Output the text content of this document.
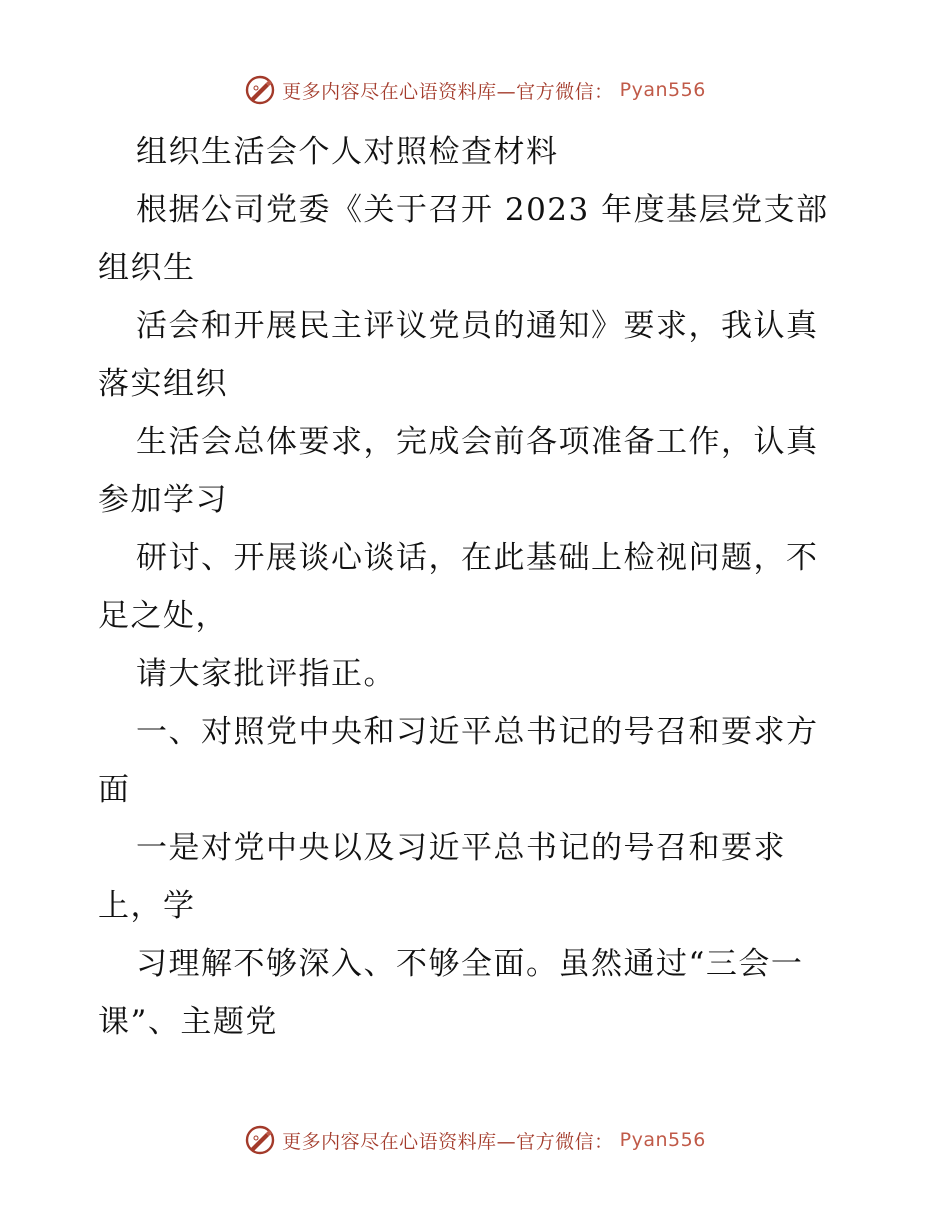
更多内容尽在心语资料库—官方微信： Pyan556
组织生活会个人对照检查材料
根据公司党委《关于召开 2023 年度基层党支部
组织生
活会和开展民主评议党员的通知》要求，我认真
落实组织
生活会总体要求，完成会前各项准备工作，认真
参加学习
研讨、开展谈心谈话，在此基础上检视问题，不
足之处，
请大家批评指正。
一、对照党中央和习近平总书记的号召和要求方
面
一是对党中央以及习近平总书记的号召和要求
上，学
习理解不够深入、不够全面。虽然通过“三会一
课”、主题党
更多内容尽在心语资料库—官方微信： Pyan556
